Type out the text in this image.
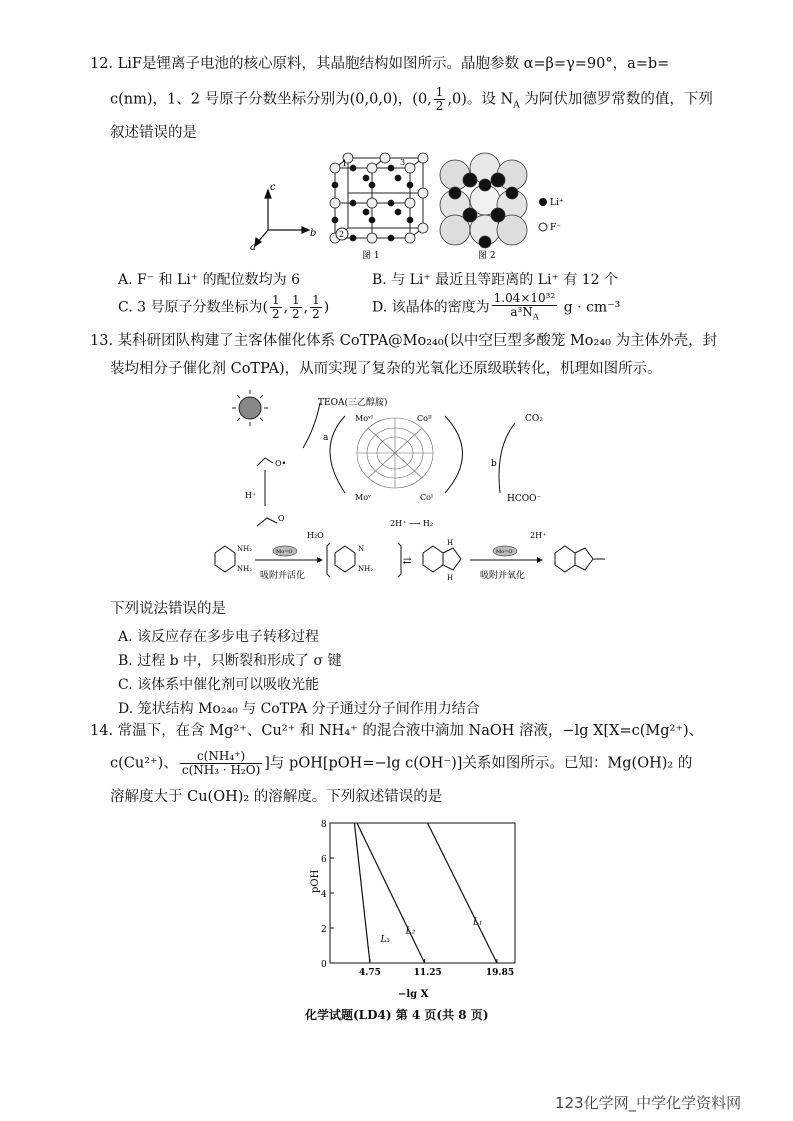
12. LiF是锂离子电池的核心原料，其晶胞结构如图所示。晶胞参数 α=β=γ=90°，a=b=
c(nm)，1、2 号原子分数坐标分别为(0,0,0)，(0, $\frac{1}{2} ,0$)。设 $N_A$ 为阿伏加德罗常数的值，下列
叙述错误的是
c
b
a
1	3
2
图 1	图 2
Li⁺
F⁻
A. F⁻ 和 Li⁺ 的配位数均为 6	B. 与 Li⁺ 最近且等距离的 Li⁺ 有 12 个
C. 3 号原子分数坐标为( $\frac{1}{2}$ , $\frac{1}{2}$ , $\frac{1}{2}$ )	D. 该晶体的密度为 $\frac{\text{1.04×10³²}}{a^3N_A}$ g · cm⁻³
13. 某科研团队构建了主客体催化体系 CoTPA@Mo₂₄₀(以中空巨型多酸笼 Mo₂₄₀ 为主体外壳，封
装均相分子催化剂 CoTPA)，从而实现了复杂的光氧化还原级联转化，机理如图所示。
TEOA(三乙醇胺)
Moᵛᴵ
Moᵛ
Coᴵᴵ
Coᴵ
a
b
CO₂
HCOO⁻
O•
H⁺
O
2H⁺ ⟶ H₂
NH₂
NH₂
Mo=O
H₂O
吸附并活化
N
NH₂
⇄
H
H
Mo=O
2H⁺
吸附并氧化
下列说法错误的是
A. 该反应存在多步电子转移过程
B. 过程 b 中，只断裂和形成了 σ 键
C. 该体系中催化剂可以吸收光能
D. 笼状结构 Mo₂₄₀ 与 CoTPA 分子通过分子间作用力结合
14. 常温下，在含 Mg²⁺、Cu²⁺ 和 NH₄⁺ 的混合液中滴加 NaOH 溶液，−lg X[X=c(Mg²⁺)、
c(Cu²⁺)、 $\frac{\text{c(NH₄⁺)}}{\text{c(NH₃ · H₂O)}}$ ]与 pOH[pOH=−lg c(OH⁻)]关系如图所示。已知：Mg(OH)₂ 的
溶解度大于 Cu(OH)₂ 的溶解度。下列叙述错误的是
0
2
4
6
8
4.75	11.25	19.85
L₁
L₂
L₃
pOH
−lg X
化学试题(LD4) 第 4 页(共 8 页)
123化学网_中学化学资料网
